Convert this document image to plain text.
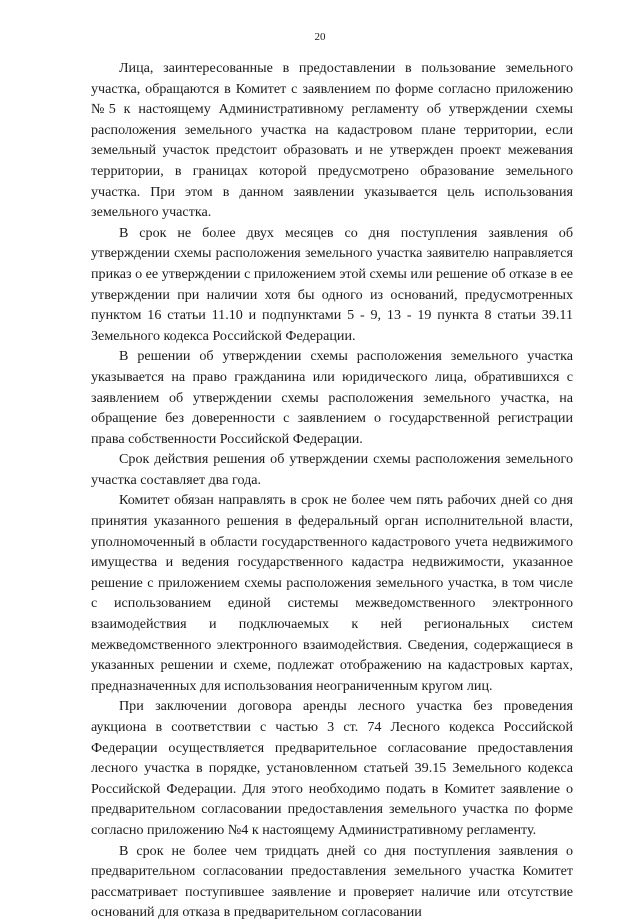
20

Лица, заинтересованные в предоставлении в пользование земельного участка, обращаются в Комитет с заявлением по форме согласно приложению №5 к настоящему Административному регламенту об утверждении схемы расположения земельного участка на кадастровом плане территории, если земельный участок предстоит образовать и не утвержден проект межевания территории, в границах которой предусмотрено образование земельного участка. При этом в данном заявлении указывается цель использования земельного участка.

В срок не более двух месяцев со дня поступления заявления об утверждении схемы расположения земельного участка заявителю направляется приказ о ее утверждении с приложением этой схемы или решение об отказе в ее утверждении при наличии хотя бы одного из оснований, предусмотренных пунктом 16 статьи 11.10 и подпунктами 5 - 9, 13 - 19 пункта 8 статьи 39.11 Земельного кодекса Российской Федерации.

В решении об утверждении схемы расположения земельного участка указывается на право гражданина или юридического лица, обратившихся с заявлением об утверждении схемы расположения земельного участка, на обращение без доверенности с заявлением о государственной регистрации права собственности Российской Федерации.

Срок действия решения об утверждении схемы расположения земельного участка составляет два года.

Комитет обязан направлять в срок не более чем пять рабочих дней со дня принятия указанного решения в федеральный орган исполнительной власти, уполномоченный в области государственного кадастрового учета недвижимого имущества и ведения государственного кадастра недвижимости, указанное решение с приложением схемы расположения земельного участка, в том числе с использованием единой системы межведомственного электронного взаимодействия и подключаемых к ней региональных систем межведомственного электронного взаимодействия. Сведения, содержащиеся в указанных решении и схеме, подлежат отображению на кадастровых картах, предназначенных для использования неограниченным кругом лиц.

При заключении договора аренды лесного участка без проведения аукциона в соответствии с частью 3 ст. 74 Лесного кодекса Российской Федерации осуществляется предварительное согласование предоставления лесного участка в порядке, установленном статьей 39.15 Земельного кодекса Российской Федерации. Для этого необходимо подать в Комитет заявление о предварительном согласовании предоставления земельного участка по форме согласно приложению №4 к настоящему Административному регламенту.

В срок не более чем тридцать дней со дня поступления заявления о предварительном согласовании предоставления земельного участка Комитет рассматривает поступившее заявление и проверяет наличие или отсутствие оснований для отказа в предварительном согласовании
